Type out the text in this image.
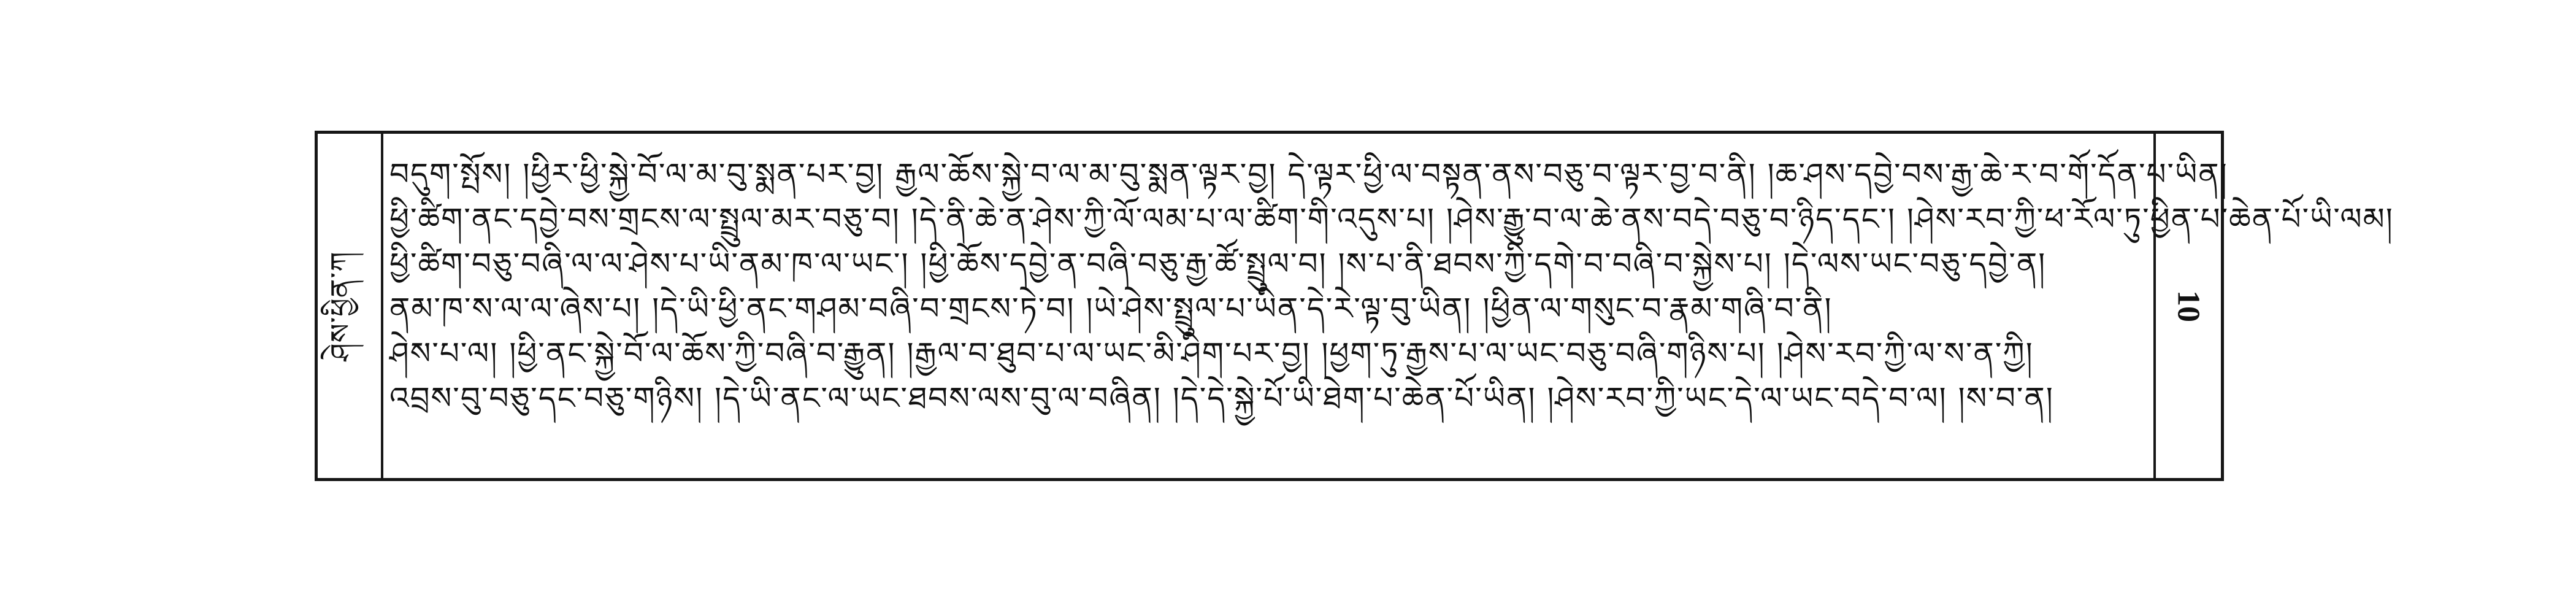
ཤེས་ཕྱིན་ཀ
བདུག་སྤོས། །ཕྱིར་ཕྱི་སྐྱེ་བོ་ལ་མ་བུ་སྨན་པར་བྱ། རྒྱལ་ཆོས་སྐྱེ་བ་ལ་མ་བུ་སྨན་ལྟར་བྱ། དེ་ལྟར་ཕྱི་ལ་བསྟན་ནས་བཅུ་བ་ལྟར་བྱ་བ་ནི། །ཆ་ཤས་དབྱེ་བས་རྒྱ་ཆེ་ར་བ་གོ་དོན་པ་ཡིན།
ཕྱི་ཚིག་ནང་དབྱེ་བས་གྲངས་ལ་སྤྲུལ་མར་བཅུ་བ། །དེ་ནི་ཆེ་ན་ཤེས་ཀྱི་ལོ་ལམ་པ་ལ་ཚིག་གི་འདུས་པ། །ཤེས་རྒྱུ་བ་ལ་ཆེ་ནས་བདེ་བཅུ་བ་ཉིད་དང་། །ཤེས་རབ་ཀྱི་ཕ་རོལ་ཏུ་ཕྱིན་པ་ཆེན་པོ་ཡི་ལམ།
ཕྱི་ཚིག་བཅུ་བཞི་ལ་ལ་ཤེས་པ་ཡི་ནམ་ཁ་ལ་ཡང་། །ཕྱི་ཆོས་དབྱེ་ན་བཞི་བཅུ་རྒྱ་ཚོ་སྤྲུལ་བ། །ས་པ་ནི་ཐབས་ཀྱི་དགེ་བ་བཞི་བ་སྐྱེས་པ། །དེ་ལས་ཡང་བཅུ་དབྱེ་ན།
ནམ་ཁ་ས་ལ་ལ་ཞེས་པ། །དེ་ཡི་ཕྱི་ནང་གཤམ་བཞི་བ་གྲངས་ཏེ་བ། །ཡེ་ཤེས་སྤྲུལ་པ་ཡིན་དེ་རེ་ལྟ་བུ་ཡིན། །ཕྱིན་ལ་གསུང་བ་རྣམ་གཞི་བ་ནི།
ཤེས་པ་ལ། །ཕྱི་ནང་སྐྱེ་བོ་ལ་ཆོས་ཀྱི་བཞི་བ་རྒྱུན། །རྒྱལ་བ་ཐུབ་པ་ལ་ཡང་མི་ཤིག་པར་བྱ། །ཕྱག་ཏུ་རྒྱས་པ་ལ་ཡང་བཅུ་བཞི་གཉིས་པ། །ཤེས་རབ་ཀྱི་ལ་ས་ན་ཀྱི།
འབྲས་བུ་བཅུ་དང་བཅུ་གཉིས། །དེ་ཡི་ནང་ལ་ཡང་ཐབས་ལས་བུ་ལ་བཞིན། །དེ་དེ་སྐྱེ་པོ་ཡི་ཐེག་པ་ཆེན་པོ་ཡིན། །ཤེས་རབ་ཀྱི་ཡང་དེ་ལ་ཡང་བདེ་བ་ལ། །ས་བ་ན།
10
